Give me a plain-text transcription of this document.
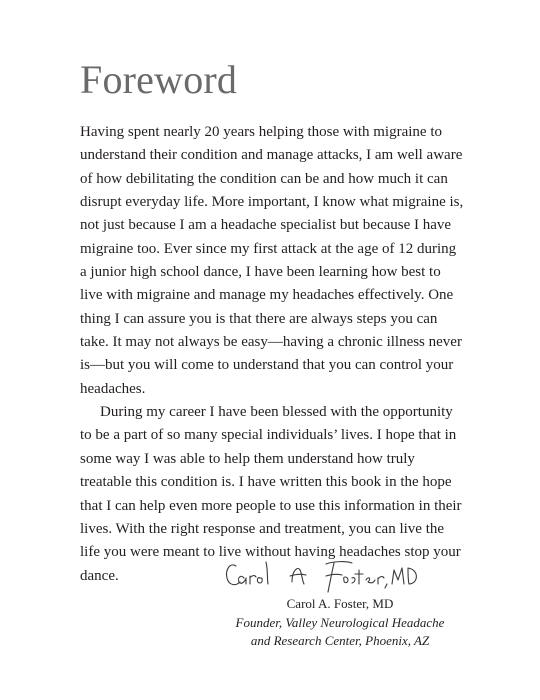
Foreword

Having spent nearly 20 years helping those with migraine to understand their condition and manage attacks, I am well aware of how debilitating the condition can be and how much it can disrupt everyday life. More important, I know what migraine is, not just because I am a headache specialist but because I have migraine too. Ever since my first attack at the age of 12 during a junior high school dance, I have been learning how best to live with migraine and manage my headaches effectively. One thing I can assure you is that there are always steps you can take. It may not always be easy—having a chronic illness never is—but you will come to understand that you can control your headaches.

During my career I have been blessed with the opportunity to be a part of so many special individuals’ lives. I hope that in some way I was able to help them understand how truly treatable this condition is. I have written this book in the hope that I can help even more people to use this information in their lives. With the right response and treatment, you can live the life you were meant to live without having headaches stop your dance.

Carol A. Foster, MD
Founder, Valley Neurological Headache
and Research Center, Phoenix, AZ
